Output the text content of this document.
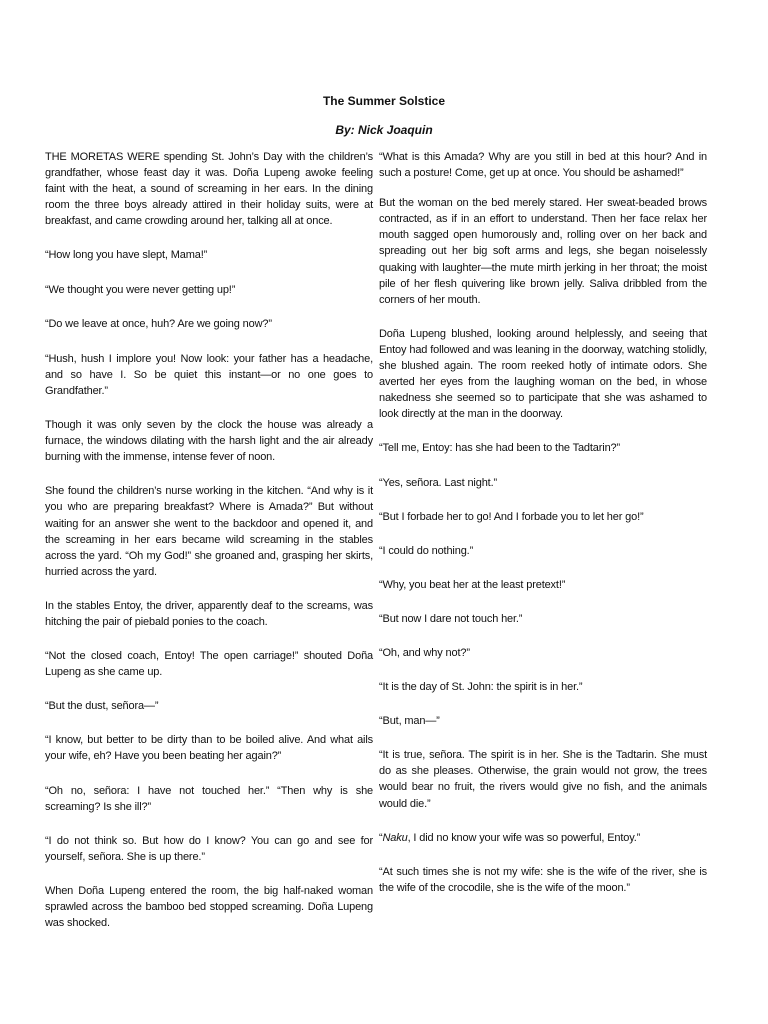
The Summer Solstice
By: Nick Joaquin

THE MORETAS WERE spending St. John’s Day with the children’s grandfather, whose feast day it was. Doña Lupeng awoke feeling faint with the heat, a sound of screaming in her ears. In the dining room the three boys already attired in their holiday suits, were at breakfast, and came crowding around her, talking all at once.

“How long you have slept, Mama!”

“We thought you were never getting up!”

“Do we leave at once, huh? Are we going now?”

“Hush, hush I implore you! Now look: your father has a headache, and so have I. So be quiet this instant—or no one goes to Grandfather.”

Though it was only seven by the clock the house was already a furnace, the windows dilating with the harsh light and the air already burning with the immense, intense fever of noon.

She found the children’s nurse working in the kitchen. “And why is it you who are preparing breakfast? Where is Amada?” But without waiting for an answer she went to the backdoor and opened it, and the screaming in her ears became wild screaming in the stables across the yard. “Oh my God!” she groaned and, grasping her skirts, hurried across the yard.

In the stables Entoy, the driver, apparently deaf to the screams, was hitching the pair of piebald ponies to the coach.

“Not the closed coach, Entoy! The open carriage!” shouted Doña Lupeng as she came up.

“But the dust, señora—”

“I know, but better to be dirty than to be boiled alive. And what ails your wife, eh? Have you been beating her again?”

“Oh no, señora: I have not touched her.” “Then why is she screaming? Is she ill?”

“I do not think so. But how do I know? You can go and see for yourself, señora. She is up there.”

When Doña Lupeng entered the room, the big half-naked woman sprawled across the bamboo bed stopped screaming. Doña Lupeng was shocked.

“What is this Amada? Why are you still in bed at this hour? And in such a posture! Come, get up at once. You should be ashamed!”

But the woman on the bed merely stared. Her sweat-beaded brows contracted, as if in an effort to understand. Then her face relax her mouth sagged open humorously and, rolling over on her back and spreading out her big soft arms and legs, she began noiselessly quaking with laughter—the mute mirth jerking in her throat; the moist pile of her flesh quivering like brown jelly. Saliva dribbled from the corners of her mouth.

Doña Lupeng blushed, looking around helplessly, and seeing that Entoy had followed and was leaning in the doorway, watching stolidly, she blushed again. The room reeked hotly of intimate odors. She averted her eyes from the laughing woman on the bed, in whose nakedness she seemed so to participate that she was ashamed to look directly at the man in the doorway.

“Tell me, Entoy: has she had been to the Tadtarin?”

“Yes, señora. Last night.”

“But I forbade her to go! And I forbade you to let her go!”

“I could do nothing.”

“Why, you beat her at the least pretext!”

“But now I dare not touch her.”

“Oh, and why not?”

“It is the day of St. John: the spirit is in her.”

“But, man—”

“It is true, señora. The spirit is in her. She is the Tadtarin. She must do as she pleases. Otherwise, the grain would not grow, the trees would bear no fruit, the rivers would give no fish, and the animals would die.”

“Naku, I did no know your wife was so powerful, Entoy.”

“At such times she is not my wife: she is the wife of the river, she is the wife of the crocodile, she is the wife of the moon.”
